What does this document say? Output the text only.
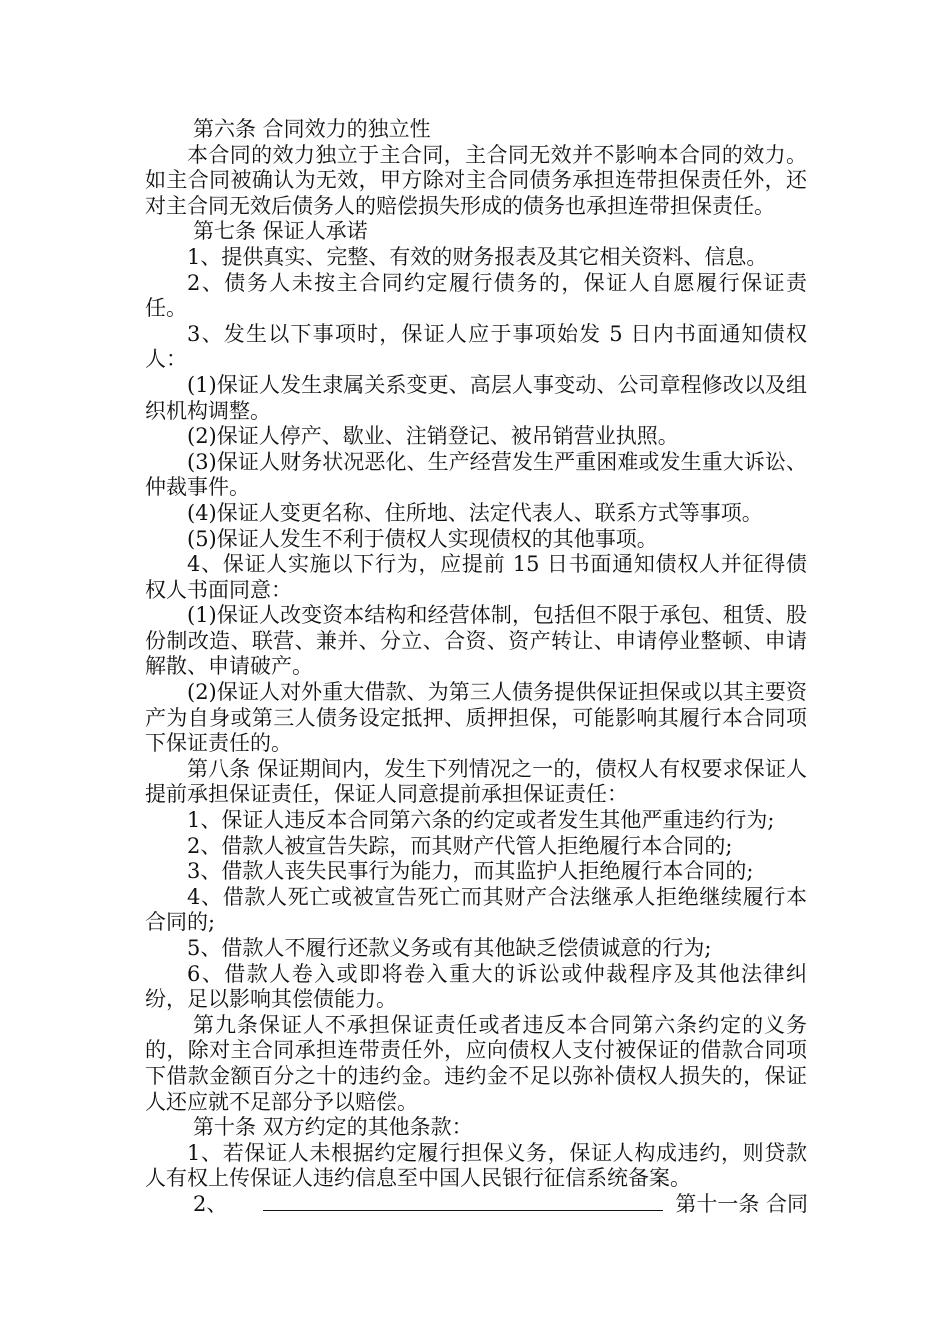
第六条 合同效力的独立性

本合同的效力独立于主合同，主合同无效并不影响本合同的效力。如主合同被确认为无效，甲方除对主合同债务承担连带担保责任外，还对主合同无效后债务人的赔偿损失形成的债务也承担连带担保责任。

第七条 保证人承诺

1、提供真实、完整、有效的财务报表及其它相关资料、信息。

2、债务人未按主合同约定履行债务的，保证人自愿履行保证责任。

3、发生以下事项时，保证人应于事项始发 5 日内书面通知债权人：

(1)保证人发生隶属关系变更、高层人事变动、公司章程修改以及组织机构调整。

(2)保证人停产、歇业、注销登记、被吊销营业执照。

(3)保证人财务状况恶化、生产经营发生严重困难或发生重大诉讼、仲裁事件。

(4)保证人变更名称、住所地、法定代表人、联系方式等事项。

(5)保证人发生不利于债权人实现债权的其他事项。

4、保证人实施以下行为，应提前 15 日书面通知债权人并征得债权人书面同意：

(1)保证人改变资本结构和经营体制，包括但不限于承包、租赁、股份制改造、联营、兼并、分立、合资、资产转让、申请停业整顿、申请解散、申请破产。

(2)保证人对外重大借款、为第三人债务提供保证担保或以其主要资产为自身或第三人债务设定抵押、质押担保，可能影响其履行本合同项下保证责任的。

第八条 保证期间内，发生下列情况之一的，债权人有权要求保证人提前承担保证责任，保证人同意提前承担保证责任：

1、保证人违反本合同第六条的约定或者发生其他严重违约行为;

2、借款人被宣告失踪，而其财产代管人拒绝履行本合同的;

3、借款人丧失民事行为能力，而其监护人拒绝履行本合同的;

4、借款人死亡或被宣告死亡而其财产合法继承人拒绝继续履行本合同的;

5、借款人不履行还款义务或有其他缺乏偿债诚意的行为;

6、借款人卷入或即将卷入重大的诉讼或仲裁程序及其他法律纠纷，足以影响其偿债能力。

第九条保证人不承担保证责任或者违反本合同第六条约定的义务的，除对主合同承担连带责任外，应向债权人支付被保证的借款合同项下借款金额百分之十的违约金。违约金不足以弥补债权人损失的，保证人还应就不足部分予以赔偿。

第十条 双方约定的其他条款：

1、若保证人未根据约定履行担保义务，保证人构成违约，则贷款人有权上传保证人违约信息至中国人民银行征信系统备案。

2、	第十一条 合同
